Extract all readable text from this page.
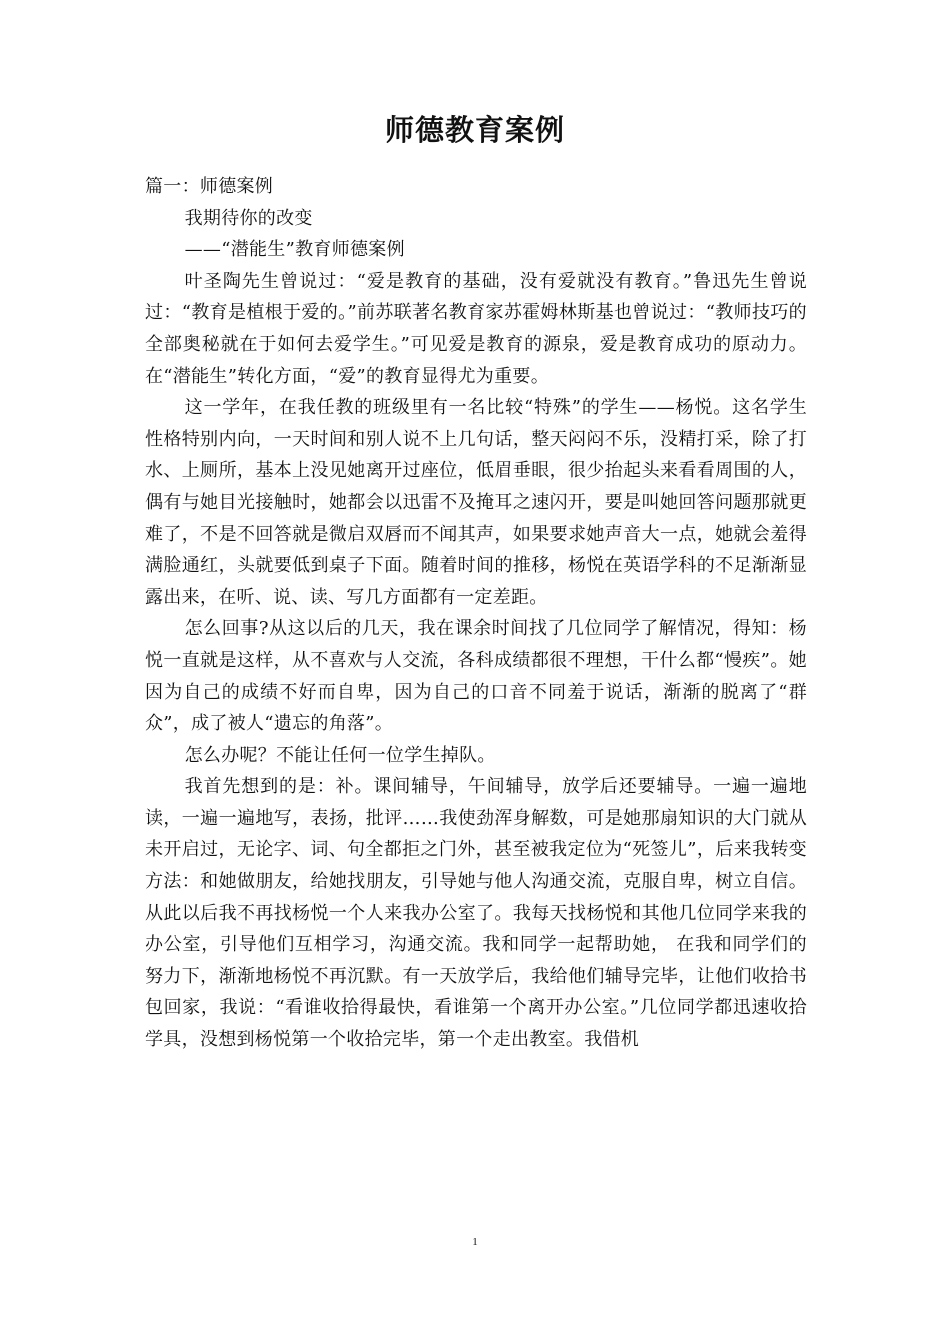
师德教育案例

篇一：师德案例

我期待你的改变

——“潜能生”教育师德案例

叶圣陶先生曾说过：“爱是教育的基础，没有爱就没有教育。”鲁迅先生曾说过：“教育是植根于爱的。”前苏联著名教育家苏霍姆林斯基也曾说过：“教师技巧的全部奥秘就在于如何去爱学生。”可见爱是教育的源泉，爱是教育成功的原动力。在“潜能生”转化方面，“爱”的教育显得尤为重要。

这一学年，在我任教的班级里有一名比较“特殊”的学生——杨悦。这名学生性格特别内向，一天时间和别人说不上几句话，整天闷闷不乐，没精打采，除了打水、上厕所，基本上没见她离开过座位，低眉垂眼，很少抬起头来看看周围的人，偶有与她目光接触时，她都会以迅雷不及掩耳之速闪开，要是叫她回答问题那就更难了，不是不回答就是微启双唇而不闻其声，如果要求她声音大一点，她就会羞得满脸通红，头就要低到桌子下面。随着时间的推移，杨悦在英语学科的不足渐渐显露出来，在听、说、读、写几方面都有一定差距。

怎么回事?从这以后的几天，我在课余时间找了几位同学了解情况，得知：杨悦一直就是这样，从不喜欢与人交流，各科成绩都很不理想，干什么都“慢疾”。她因为自己的成绩不好而自卑，因为自己的口音不同羞于说话，渐渐的脱离了“群众”，成了被人“遗忘的角落”。

怎么办呢？不能让任何一位学生掉队。

我首先想到的是：补。课间辅导，午间辅导，放学后还要辅导。一遍一遍地读，一遍一遍地写，表扬，批评……我使劲浑身解数，可是她那扇知识的大门就从未开启过，无论字、词、句全都拒之门外，甚至被我定位为“死签儿”，后来我转变方法：和她做朋友，给她找朋友，引导她与他人沟通交流，克服自卑，树立自信。从此以后我不再找杨悦一个人来我办公室了。我每天找杨悦和其他几位同学来我的办公室，引导他们互相学习，沟通交流。我和同学一起帮助她， 在我和同学们的努力下，渐渐地杨悦不再沉默。有一天放学后，我给他们辅导完毕，让他们收拾书包回家，我说：“看谁收拾得最快，看谁第一个离开办公室。”几位同学都迅速收拾学具，没想到杨悦第一个收拾完毕，第一个走出教室。我借机

1
